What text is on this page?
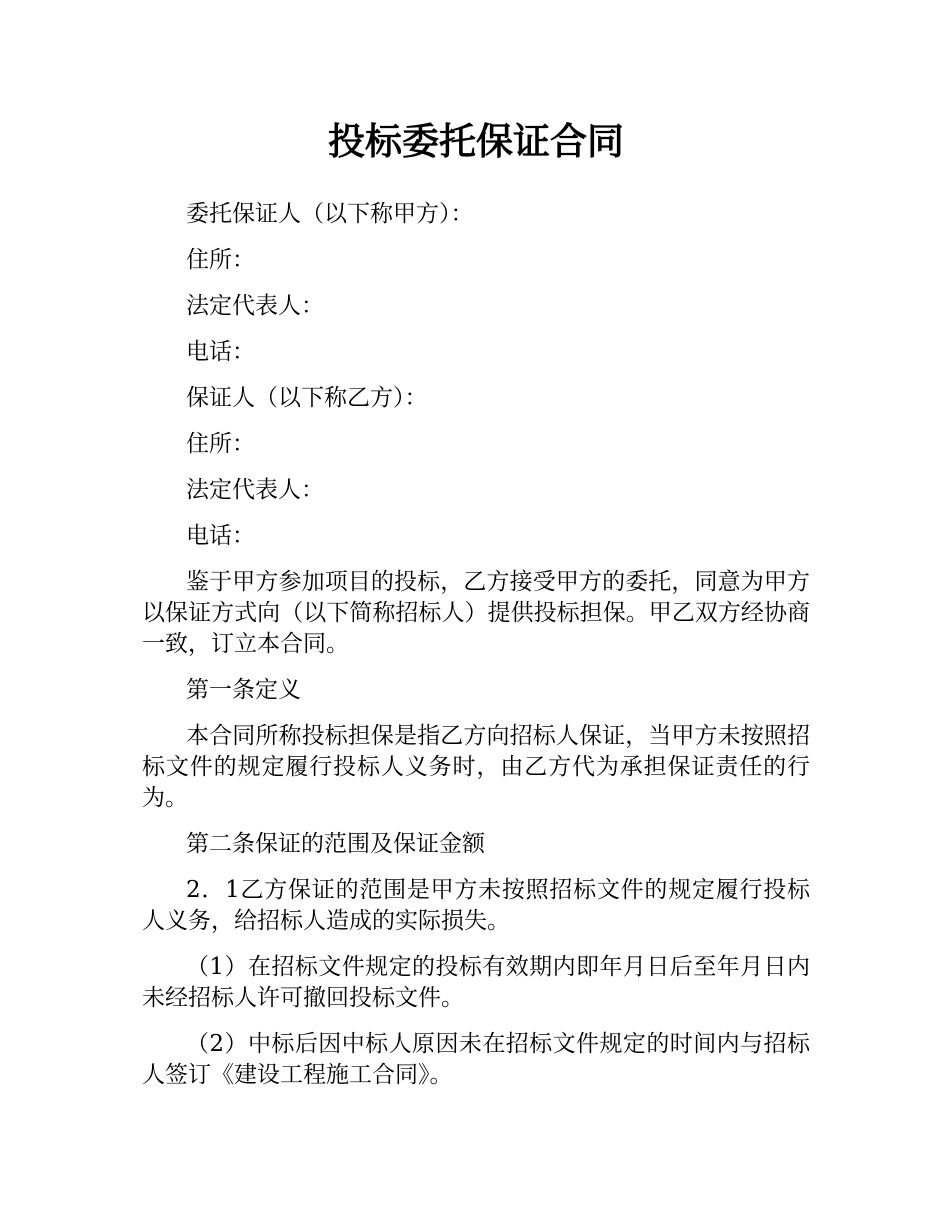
投标委托保证合同

委托保证人（以下称甲方）：

住所：

法定代表人：

电话：

保证人（以下称乙方）：

住所：

法定代表人：

电话：

鉴于甲方参加项目的投标，乙方接受甲方的委托，同意为甲方以保证方式向（以下简称招标人）提供投标担保。甲乙双方经协商一致，订立本合同。

第一条定义

本合同所称投标担保是指乙方向招标人保证，当甲方未按照招标文件的规定履行投标人义务时，由乙方代为承担保证责任的行为。

第二条保证的范围及保证金额

2．1乙方保证的范围是甲方未按照招标文件的规定履行投标人义务，给招标人造成的实际损失。

（1）在招标文件规定的投标有效期内即年月日后至年月日内未经招标人许可撤回投标文件。

（2）中标后因中标人原因未在招标文件规定的时间内与招标人签订《建设工程施工合同》。
